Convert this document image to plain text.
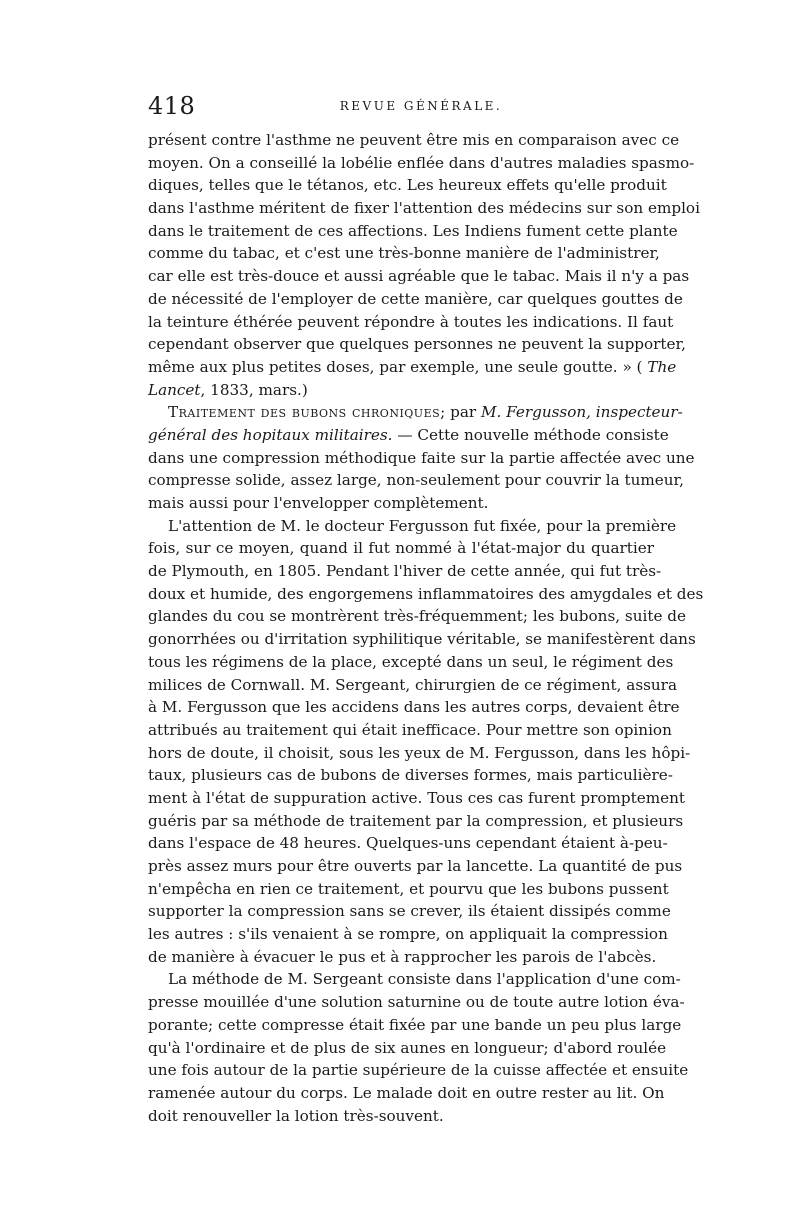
418	REVUE GÉNÉRALE.
présent contre l'asthme ne peuvent être mis en comparaison avec ce
moyen. On a conseillé la lobélie enflée dans d'autres maladies spasmo-
diques, telles que le tétanos, etc. Les heureux effets qu'elle produit
dans l'asthme méritent de fixer l'attention des médecins sur son emploi
dans le traitement de ces affections. Les Indiens fument cette plante
comme du tabac, et c'est une très-bonne manière de l'administrer,
car elle est très-douce et aussi agréable que le tabac. Mais il n'y a pas
de nécessité de l'employer de cette manière, car quelques gouttes de
la teinture éthérée peuvent répondre à toutes les indications. Il faut
cependant observer que quelques personnes ne peuvent la supporter,
même aux plus petites doses, par exemple, une seule goutte. » ( The
Lancet, 1833, mars.)
Traitement des bubons chroniques; par M. Fergusson, inspecteur-
général des hopitaux militaires. — Cette nouvelle méthode consiste
dans une compression méthodique faite sur la partie affectée avec une
compresse solide, assez large, non-seulement pour couvrir la tumeur,
mais aussi pour l'envelopper complètement.
L'attention de M. le docteur Fergusson fut fixée, pour la première
fois, sur ce moyen, quand il fut nommé à l'état-major du quartier
de Plymouth, en 1805. Pendant l'hiver de cette année, qui fut très-
doux et humide, des engorgemens inflammatoires des amygdales et des
glandes du cou se montrèrent très-fréquemment; les bubons, suite de
gonorrhées ou d'irritation syphilitique véritable, se manifestèrent dans
tous les régimens de la place, excepté dans un seul, le régiment des
milices de Cornwall. M. Sergeant, chirurgien de ce régiment, assura
à M. Fergusson que les accidens dans les autres corps, devaient être
attribués au traitement qui était inefficace. Pour mettre son opinion
hors de doute, il choisit, sous les yeux de M. Fergusson, dans les hôpi-
taux, plusieurs cas de bubons de diverses formes, mais particulière-
ment à l'état de suppuration active. Tous ces cas furent promptement
guéris par sa méthode de traitement par la compression, et plusieurs
dans l'espace de 48 heures. Quelques-uns cependant étaient à-peu-
près assez murs pour être ouverts par la lancette. La quantité de pus
n'empêcha en rien ce traitement, et pourvu que les bubons pussent
supporter la compression sans se crever, ils étaient dissipés comme
les autres : s'ils venaient à se rompre, on appliquait la compression
de manière à évacuer le pus et à rapprocher les parois de l'abcès.
La méthode de M. Sergeant consiste dans l'application d'une com-
presse mouillée d'une solution saturnine ou de toute autre lotion éva-
porante; cette compresse était fixée par une bande un peu plus large
qu'à l'ordinaire et de plus de six aunes en longueur; d'abord roulée
une fois autour de la partie supérieure de la cuisse affectée et ensuite
ramenée autour du corps. Le malade doit en outre rester au lit. On
doit renouveller la lotion très-souvent.
